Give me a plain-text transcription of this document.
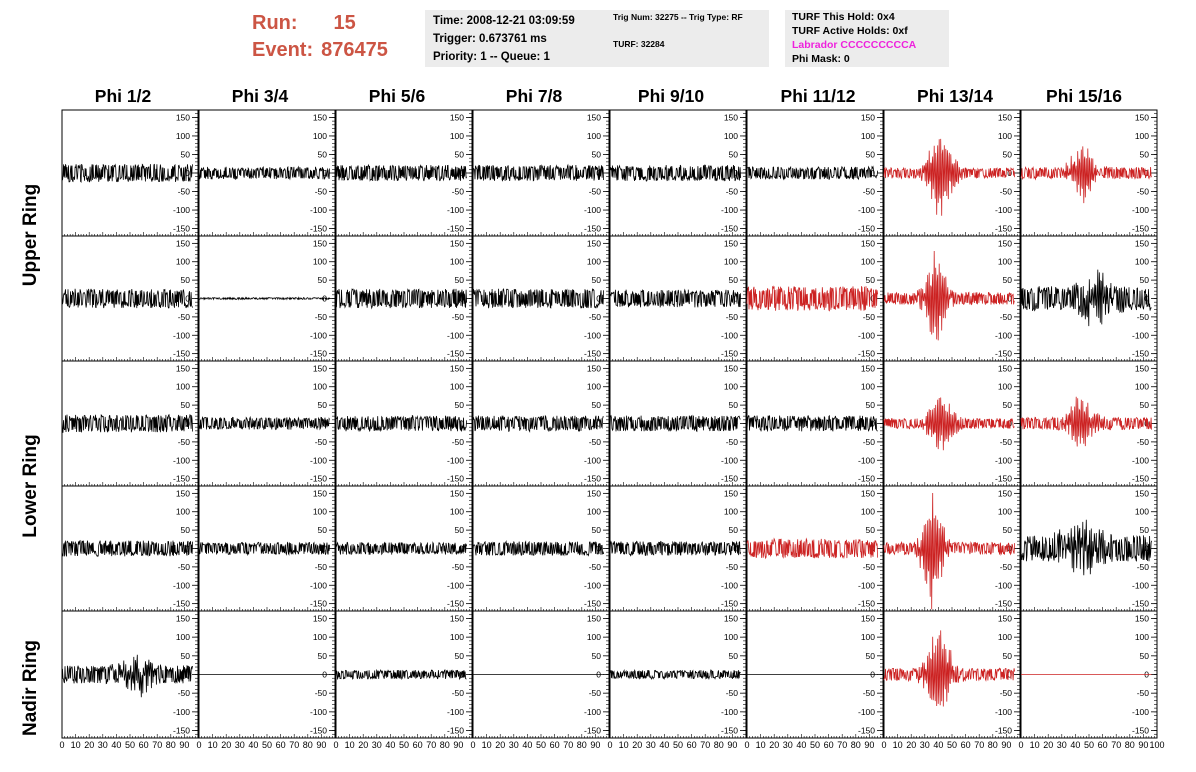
Run: 15
Event: 876475
Time: 2008-12-21 03:09:59
Trigger: 0.673761 ms
Priority: 1 -- Queue: 1
Trig Num: 32275 -- Trig Type: RF
TURF: 32284
TURF This Hold: 0x4
TURF Active Holds: 0xf
Labrador CCCCCCCCCA
Phi Mask: 0
Phi 1/2	Phi 3/4	Phi 5/6	Phi 7/8	Phi 9/10	Phi 11/12	Phi 13/14	Phi 15/16
Upper Ring
Lower Ring
Nadir Ring
150
100
50
0
-50
-100
-150
150
100
50
0
-50
-100
-150
150
100
50
0
-50
-100
-150
150
100
50
0
-50
-100
-150
150
100
50
0
-50
-100
-150
150
100
50
0
-50
-100
-150
150
100
50
0
-50
-100
-150
150
100
50
0
-50
-100
-150
150
100
50
0
-50
-100
-150
150
100
50
0
-50
-100
-150
150
100
50
0
-50
-100
-150
150
100
50
0
-50
-100
-150
150
100
50
0
-50
-100
-150
150
100
50
0
-50
-100
-150
150
100
50
0
-50
-100
-150
150
100
50
0
-50
-100
-150
150
100
50
0
-50
-100
-150
150
100
50
0
-50
-100
-150
150
100
50
0
-50
-100
-150
150
100
50
0
-50
-100
-150
150
100
50
0
-50
-100
-150
150
100
50
0
-50
-100
-150
150
100
50
0
-50
-100
-150
150
100
50
0
-50
-100
-150
150
100
50
0
-50
-100
-150
150
100
50
0
-50
-100
-150
150
100
50
0
-50
-100
-150
150
100
50
0
-50
-100
-150
150
100
50
0
-50
-100
-150
150
100
50
0
-50
-100
-150
150
100
50
0
-50
-100
-150
150
100
50
0
-50
-100
-150
150
100
50
0
-50
-100
-150
150
100
50
0
-50
-100
-150
150
100
50
0
-50
-100
-150
150
100
50
0
-50
-100
-150
150
100
50
0
-50
-100
-150
150
100
50
0
-50
-100
-150
150
100
50
0
-50
-100
-150
150
100
50
0
-50
-100
-150
0 10 20 30 40 50 60 70 80 90 0 10 20 30 40 50 60 70 80 90 0 10 20 30 40 50 60 70 80 90 0 10 20 30 40 50 60 70 80 90 0 10 20 30 40 50 60 70 80 90 0 10 20 30 40 50 60 70 80 90 0 10 20 30 40 50 60 70 80 90 0 10 20 30 40 50 60 70 80 90 100
